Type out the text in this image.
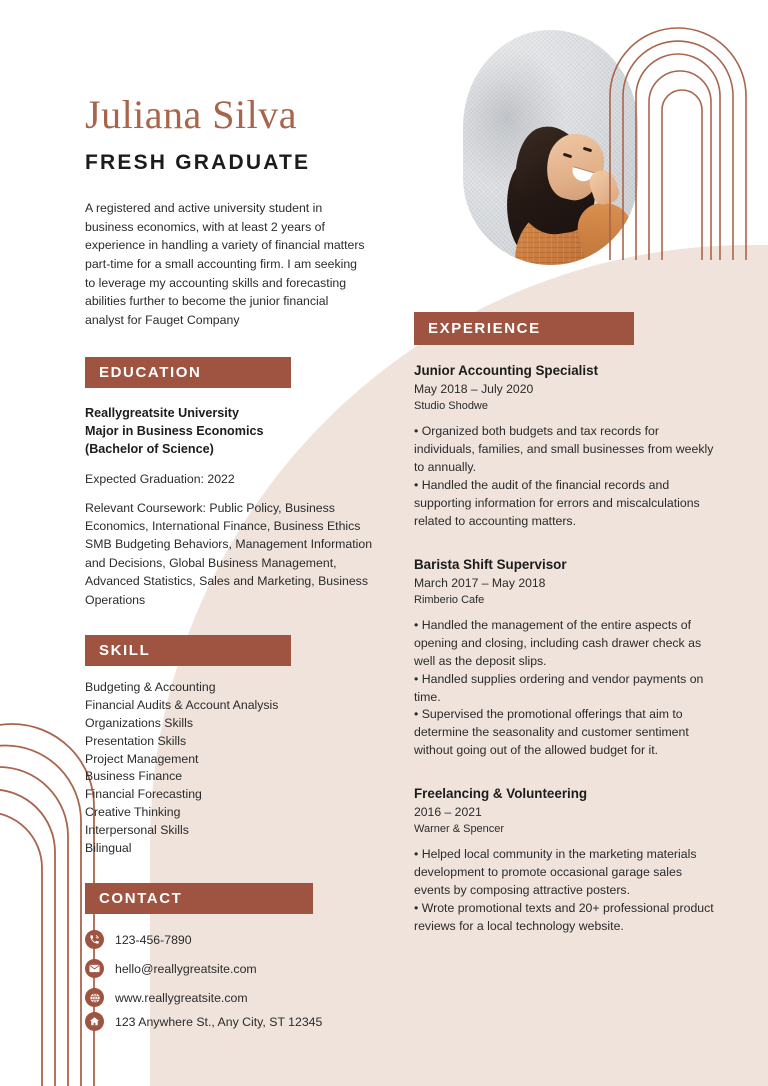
Juliana Silva
FRESH GRADUATE
A registered and active university student in business economics, with at least 2 years of experience in handling a variety of financial matters part-time for a small accounting firm. I am seeking to leverage my accounting skills and forecasting abilities further to become the junior financial analyst for Fauget Company
EDUCATION
Reallygreatsite University
Major in Business Economics
(Bachelor of Science)
Expected Graduation: 2022
Relevant Coursework: Public Policy, Business Economics, International Finance, Business Ethics SMB Budgeting Behaviors, Management Information and Decisions, Global Business Management, Advanced Statistics, Sales and Marketing, Business Operations
SKILL
Budgeting & Accounting
Financial Audits & Account Analysis
Organizations Skills
Presentation Skills
Project Management
Business Finance
Financial Forecasting
Creative Thinking
Interpersonal Skills
Bilingual
CONTACT
123-456-7890
hello@reallygreatsite.com
www.reallygreatsite.com
123 Anywhere St., Any City, ST 12345
EXPERIENCE
Junior Accounting Specialist
May 2018 – July 2020
Studio Shodwe
• Organized both budgets and tax records for individuals, families, and small businesses from weekly to annually.
• Handled the audit of the financial records and supporting information for errors and miscalculations related to accounting matters.
Barista Shift Supervisor
March 2017 – May 2018
Rimberio Cafe
• Handled the management of the entire aspects of opening and closing, including cash drawer check as well as the deposit slips.
• Handled supplies ordering and vendor payments on time.
• Supervised the promotional offerings that aim to determine the seasonality and customer sentiment without going out of the allowed budget for it.
Freelancing & Volunteering
2016 – 2021
Warner & Spencer
• Helped local community in the marketing materials development to promote occasional garage sales events by composing attractive posters.
• Wrote promotional texts and 20+ professional product reviews for a local technology website.
